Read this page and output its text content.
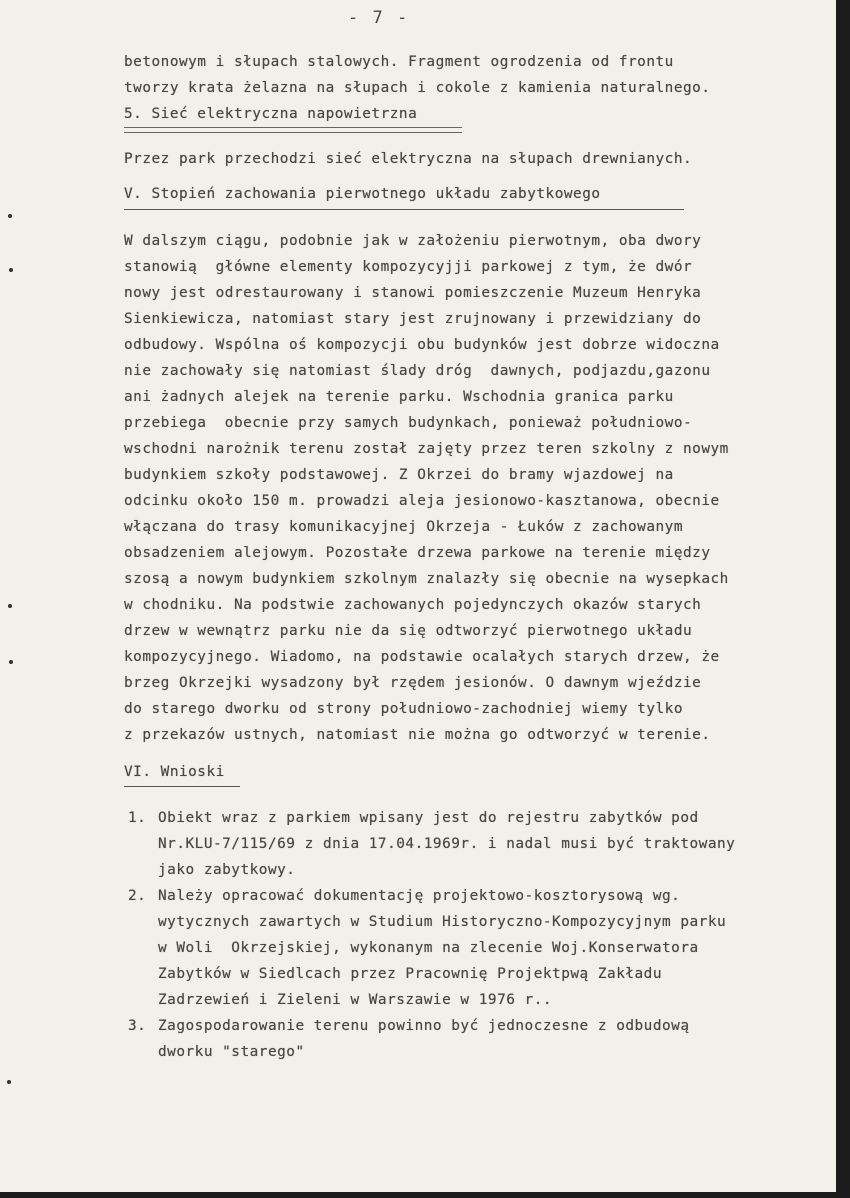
- 7 -
betonowym i słupach stalowych. Fragment ogrodzenia od frontu
tworzy krata żelazna na słupach i cokole z kamienia naturalnego.
5. Sieć elektryczna napowietrzna
Przez park przechodzi sieć elektryczna na słupach drewnianych.
V. Stopień zachowania pierwotnego układu zabytkowego
W dalszym ciągu, podobnie jak w założeniu pierwotnym, oba dwory
stanowią  główne elementy kompozycyjji parkowej z tym, że dwór
nowy jest odrestaurowany i stanowi pomieszczenie Muzeum Henryka
Sienkiewicza, natomiast stary jest zrujnowany i przewidziany do
odbudowy. Wspólna oś kompozycji obu budynków jest dobrze widoczna
nie zachowały się natomiast ślady dróg  dawnych, podjazdu,gazonu
ani żadnych alejek na terenie parku. Wschodnia granica parku
przebiega  obecnie przy samych budynkach, ponieważ południowo-
wschodni narożnik terenu został zajęty przez teren szkolny z nowym
budynkiem szkoły podstawowej. Z Okrzei do bramy wjazdowej na
odcinku około 150 m. prowadzi aleja jesionowo-kasztanowa, obecnie
włączana do trasy komunikacyjnej Okrzeja - Łuków z zachowanym
obsadzeniem alejowym. Pozostałe drzewa parkowe na terenie między
szosą a nowym budynkiem szkolnym znalazły się obecnie na wysepkach
w chodniku. Na podstwie zachowanych pojedynczych okazów starych
drzew w wewnątrz parku nie da się odtworzyć pierwotnego układu
kompozycyjnego. Wiadomo, na podstawie ocalałych starych drzew, że
brzeg Okrzejki wysadzony był rzędem jesionów. O dawnym wjeździe
do starego dworku od strony południowo-zachodniej wiemy tylko
z przekazów ustnych, natomiast nie można go odtworzyć w terenie.
VI. Wnioski
1. Obiekt wraz z parkiem wpisany jest do rejestru zabytków pod
Nr.KLU-7/115/69 z dnia 17.04.1969r. i nadal musi być traktowany
jako zabytkowy.
2. Należy opracować dokumentację projektowo-kosztorysową wg.
wytycznych zawartych w Studium Historyczno-Kompozycyjnym parku
w Woli  Okrzejskiej, wykonanym na zlecenie Woj.Konserwatora
Zabytków w Siedlcach przez Pracownię Projektpwą Zakładu
Zadrzewień i Zieleni w Warszawie w 1976 r..
3. Zagospodarowanie terenu powinno być jednoczesne z odbudową
dworku "starego"
